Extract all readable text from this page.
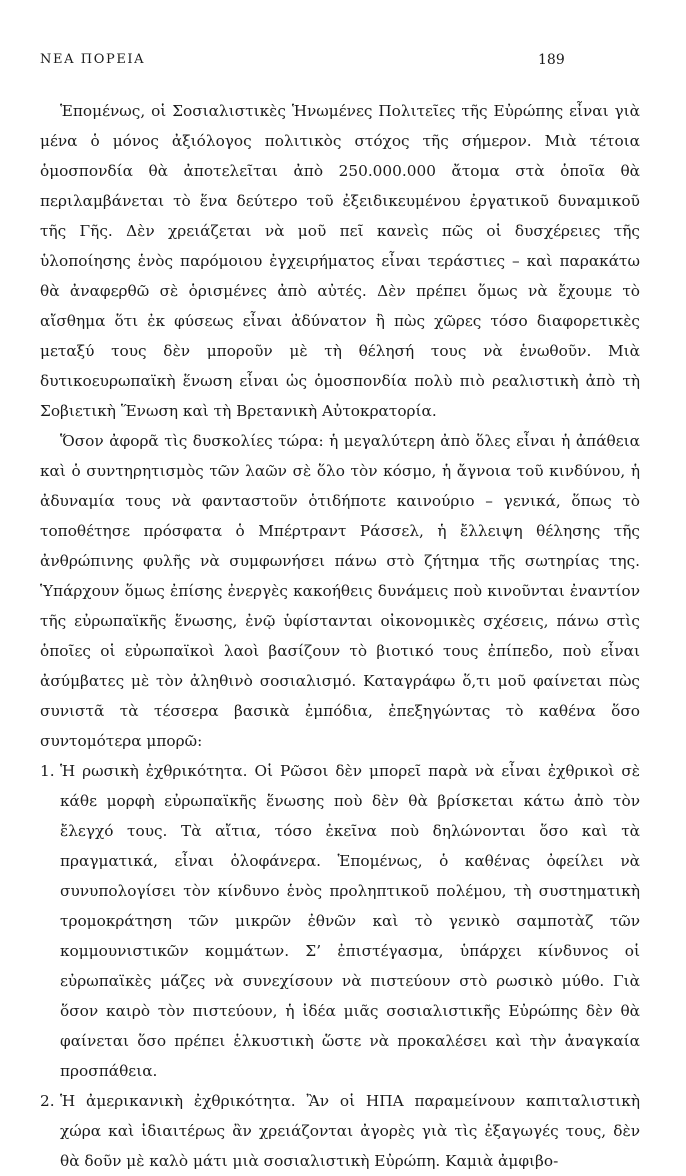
ΝΕΑ ΠΟΡΕΙΑ	189

Ἑπομένως, οἱ Σοσιαλιστικὲς Ἡνωμένες Πολιτεῖες τῆς Εὐρώπης εἶναι γιὰ μένα ὁ μόνος ἀξιόλογος πολιτικὸς στόχος τῆς σήμερον. Μιὰ τέτοια ὁμοσπονδία θὰ ἀποτελεῖται ἀπὸ 250.000.000 ἄτομα στὰ ὁποῖα θὰ περιλαμβάνεται τὸ ἕνα δεύτερο τοῦ ἐξειδικευμένου ἐργατικοῦ δυναμικοῦ τῆς Γῆς. Δὲν χρειάζεται νὰ μοῦ πεῖ κανεὶς πῶς οἱ δυσχέρειες τῆς ὑλοποίησης ἑνὸς παρόμοιου ἐγχειρήματος εἶναι τεράστιες – καὶ παρακάτω θὰ ἀναφερθῶ σὲ ὁρισμένες ἀπὸ αὐτές. Δὲν πρέπει ὅμως νὰ ἔχουμε τὸ αἴσθημα ὅτι ἐκ φύσεως εἶναι ἀδύνατον ἢ πὼς χῶρες τόσο διαφορετικὲς μεταξύ τους δὲν μποροῦν μὲ τὴ θέλησή τους νὰ ἑνωθοῦν. Μιὰ δυτικοευρωπαϊκὴ ἕνωση εἶναι ὡς ὁμοσπονδία πολὺ πιὸ ρεαλιστικὴ ἀπὸ τὴ Σοβιετικὴ Ἕνωση καὶ τὴ Βρετανικὴ Αὐτοκρατορία.

Ὅσον ἀφορᾶ τὶς δυσκολίες τώρα: ἡ μεγαλύτερη ἀπὸ ὅλες εἶναι ἡ ἀπάθεια καὶ ὁ συντηρητισμὸς τῶν λαῶν σὲ ὅλο τὸν κόσμο, ἡ ἄγνοια τοῦ κινδύνου, ἡ ἀδυναμία τους νὰ φανταστοῦν ὁτιδήποτε καινούριο – γενικά, ὅπως τὸ τοποθέτησε πρόσφατα ὁ Μπέρτραντ Ράσσελ, ἡ ἔλλειψη θέλησης τῆς ἀνθρώπινης φυλῆς νὰ συμφωνήσει πάνω στὸ ζήτημα τῆς σωτηρίας της. Ὑπάρχουν ὅμως ἐπίσης ἐνεργὲς κακοήθεις δυνάμεις ποὺ κινοῦνται ἐναντίον τῆς εὐρωπαϊκῆς ἕνωσης, ἐνῷ ὑφίστανται οἰκονομικὲς σχέσεις, πάνω στὶς ὁποῖες οἱ εὐρωπαϊκοὶ λαοὶ βασίζουν τὸ βιοτικό τους ἐπίπεδο, ποὺ εἶναι ἀσύμβατες μὲ τὸν ἀληθινὸ σοσιαλισμό. Καταγράφω ὅ,τι μοῦ φαίνεται πὼς συνιστᾶ τὰ τέσσερα βασικὰ ἐμπόδια, ἐπεξηγώντας τὸ καθένα ὅσο συντομότερα μπορῶ:

1. Ἡ ρωσικὴ ἐχθρικότητα. Οἱ Ρῶσοι δὲν μπορεῖ παρὰ νὰ εἶναι ἐχθρικοὶ σὲ κάθε μορφὴ εὐρωπαϊκῆς ἕνωσης ποὺ δὲν θὰ βρίσκεται κάτω ἀπὸ τὸν ἔλεγχό τους. Τὰ αἴτια, τόσο ἐκεῖνα ποὺ δηλώνονται ὅσο καὶ τὰ πραγματικά, εἶναι ὁλοφάνερα. Ἑπομένως, ὁ καθένας ὀφείλει νὰ συνυπολογίσει τὸν κίνδυνο ἑνὸς προληπτικοῦ πολέμου, τὴ συστηματικὴ τρομοκράτηση τῶν μικρῶν ἐθνῶν καὶ τὸ γενικὸ σαμποτὰζ τῶν κομμουνιστικῶν κομμάτων. Σ’ ἐπιστέγασμα, ὑπάρχει κίνδυνος οἱ εὐρωπαϊκὲς μάζες νὰ συνεχίσουν νὰ πιστεύουν στὸ ρωσικὸ μύθο. Γιὰ ὅσον καιρὸ τὸν πιστεύουν, ἡ ἰδέα μιᾶς σοσιαλιστικῆς Εὐρώπης δὲν θὰ φαίνεται ὅσο πρέπει ἑλκυστικὴ ὥστε νὰ προκαλέσει καὶ τὴν ἀναγκαία προσπάθεια.
2. Ἡ ἀμερικανικὴ ἐχθρικότητα. Ἂν οἱ ΗΠΑ παραμείνουν καπιταλιστικὴ χώρα καὶ ἰδιαιτέρως ἂν χρειάζονται ἀγορὲς γιὰ τὶς ἐξαγωγές τους, δὲν θὰ δοῦν μὲ καλὸ μάτι μιὰ σοσιαλιστικὴ Εὐρώπη. Καμιὰ ἀμφιβο-
